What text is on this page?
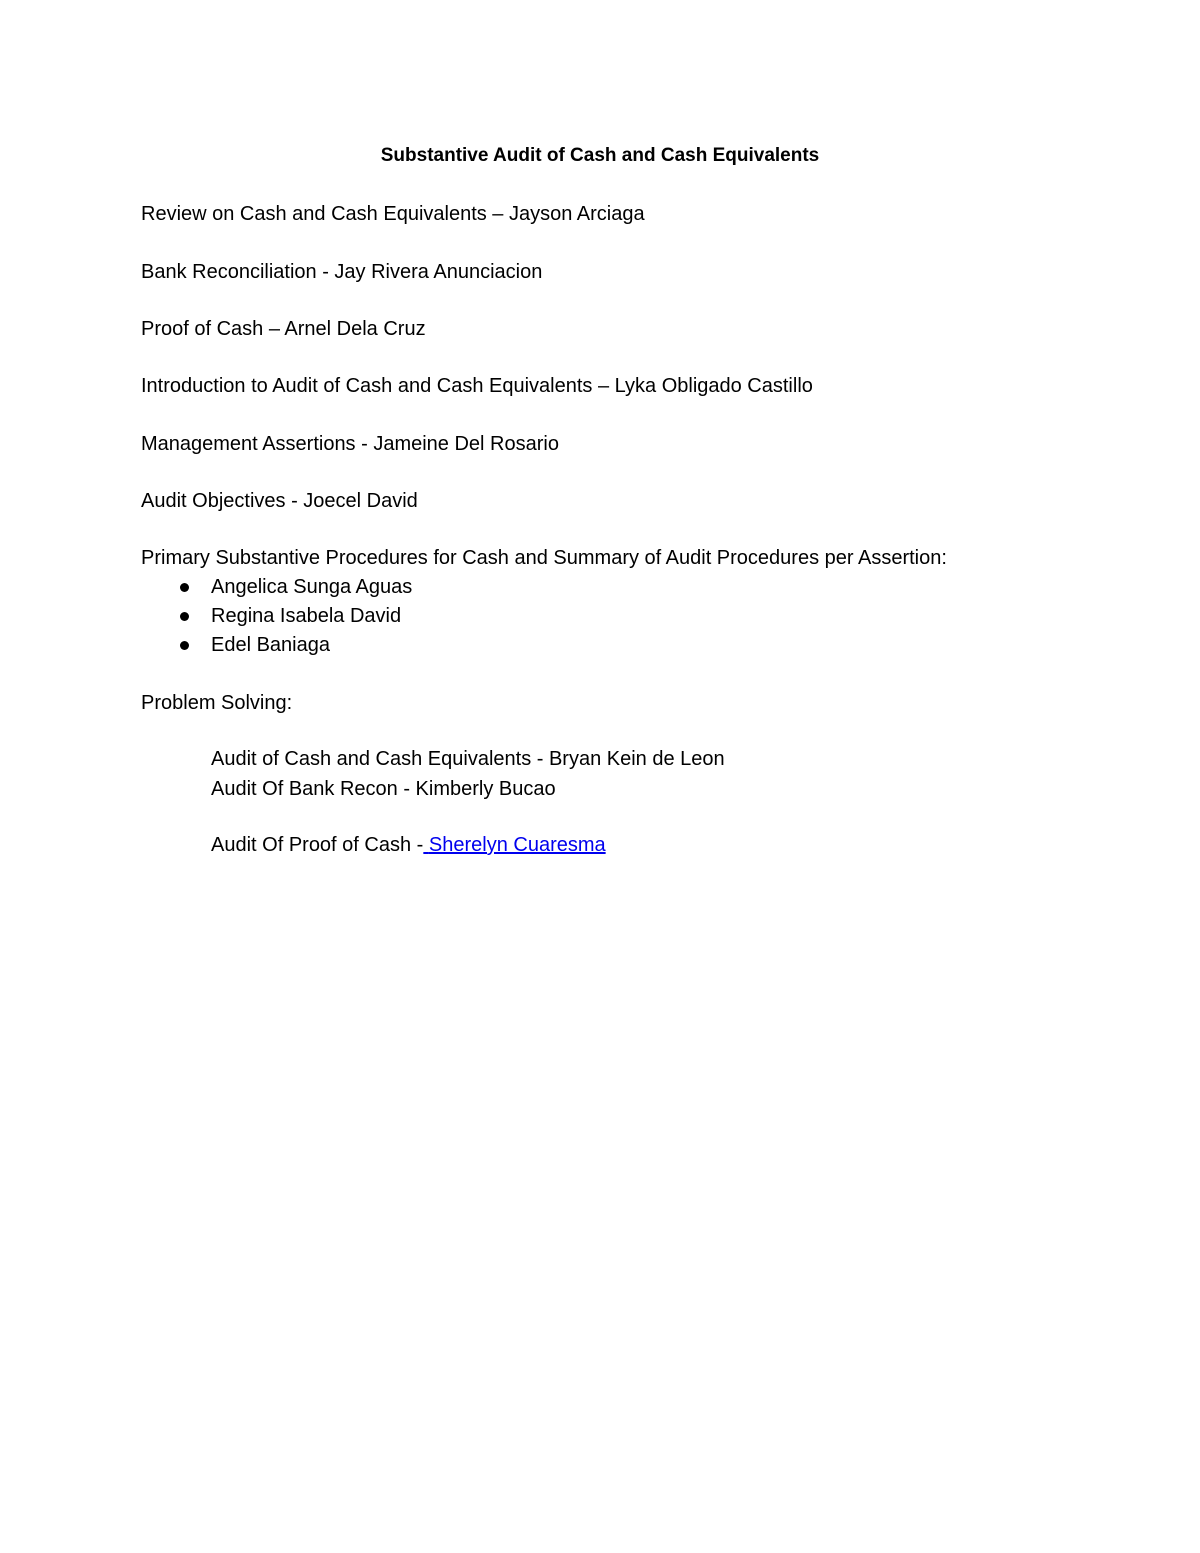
Substantive Audit of Cash and Cash Equivalents
Review on Cash and Cash Equivalents – Jayson Arciaga
Bank Reconciliation - Jay Rivera Anunciacion
Proof of Cash – Arnel Dela Cruz
Introduction to Audit of Cash and Cash Equivalents – Lyka Obligado Castillo
Management Assertions - Jameine Del Rosario
Audit Objectives - Joecel David
Primary Substantive Procedures for Cash and Summary of Audit Procedures per Assertion:
Angelica Sunga Aguas
Regina Isabela David
Edel Baniaga
Problem Solving:
Audit of Cash and Cash Equivalents - Bryan Kein de Leon
Audit Of Bank Recon - Kimberly Bucao
Audit Of Proof of Cash - Sherelyn Cuaresma
